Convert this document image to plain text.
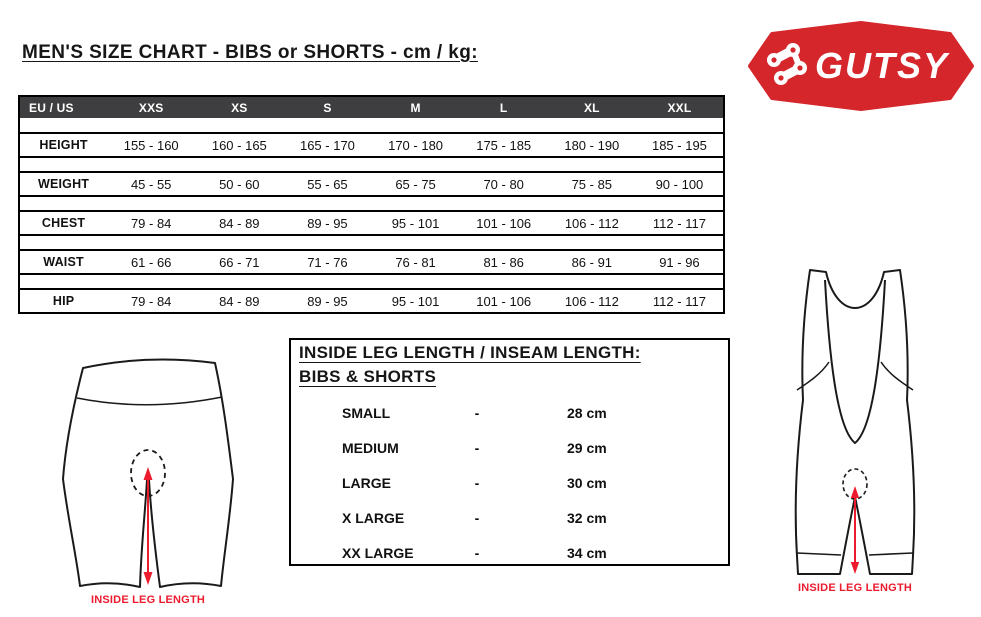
MEN'S SIZE CHART - BIBS or SHORTS - cm / kg:	GUTSY
EU / US	XXS	XS	S	M	L	XL	XXL

HEIGHT	155 - 160	160 - 165	165 - 170	170 - 180	175 - 185	180 - 190	185 - 195

WEIGHT	45 - 55	50 - 60	55 - 65	65 - 75	70 - 80	75 - 85	90 - 100

CHEST	79 - 84	84 - 89	89 - 95	95 - 101	101 - 106	106 - 112	112 - 117

WAIST	61 - 66	66 - 71	71 - 76	76 - 81	81 - 86	86 - 91	91 - 96

HIP	79 - 84	84 - 89	89 - 95	95 - 101	101 - 106	106 - 112	112 - 117
INSIDE LEG LENGTH / INSEAM LENGTH:
BIBS & SHORTS
SMALL	-	28 cm
MEDIUM	-	29 cm
LARGE	-	30 cm
X LARGE	-	32 cm
XX LARGE	-	34 cm
INSIDE LEG LENGTH
INSIDE LEG LENGTH
